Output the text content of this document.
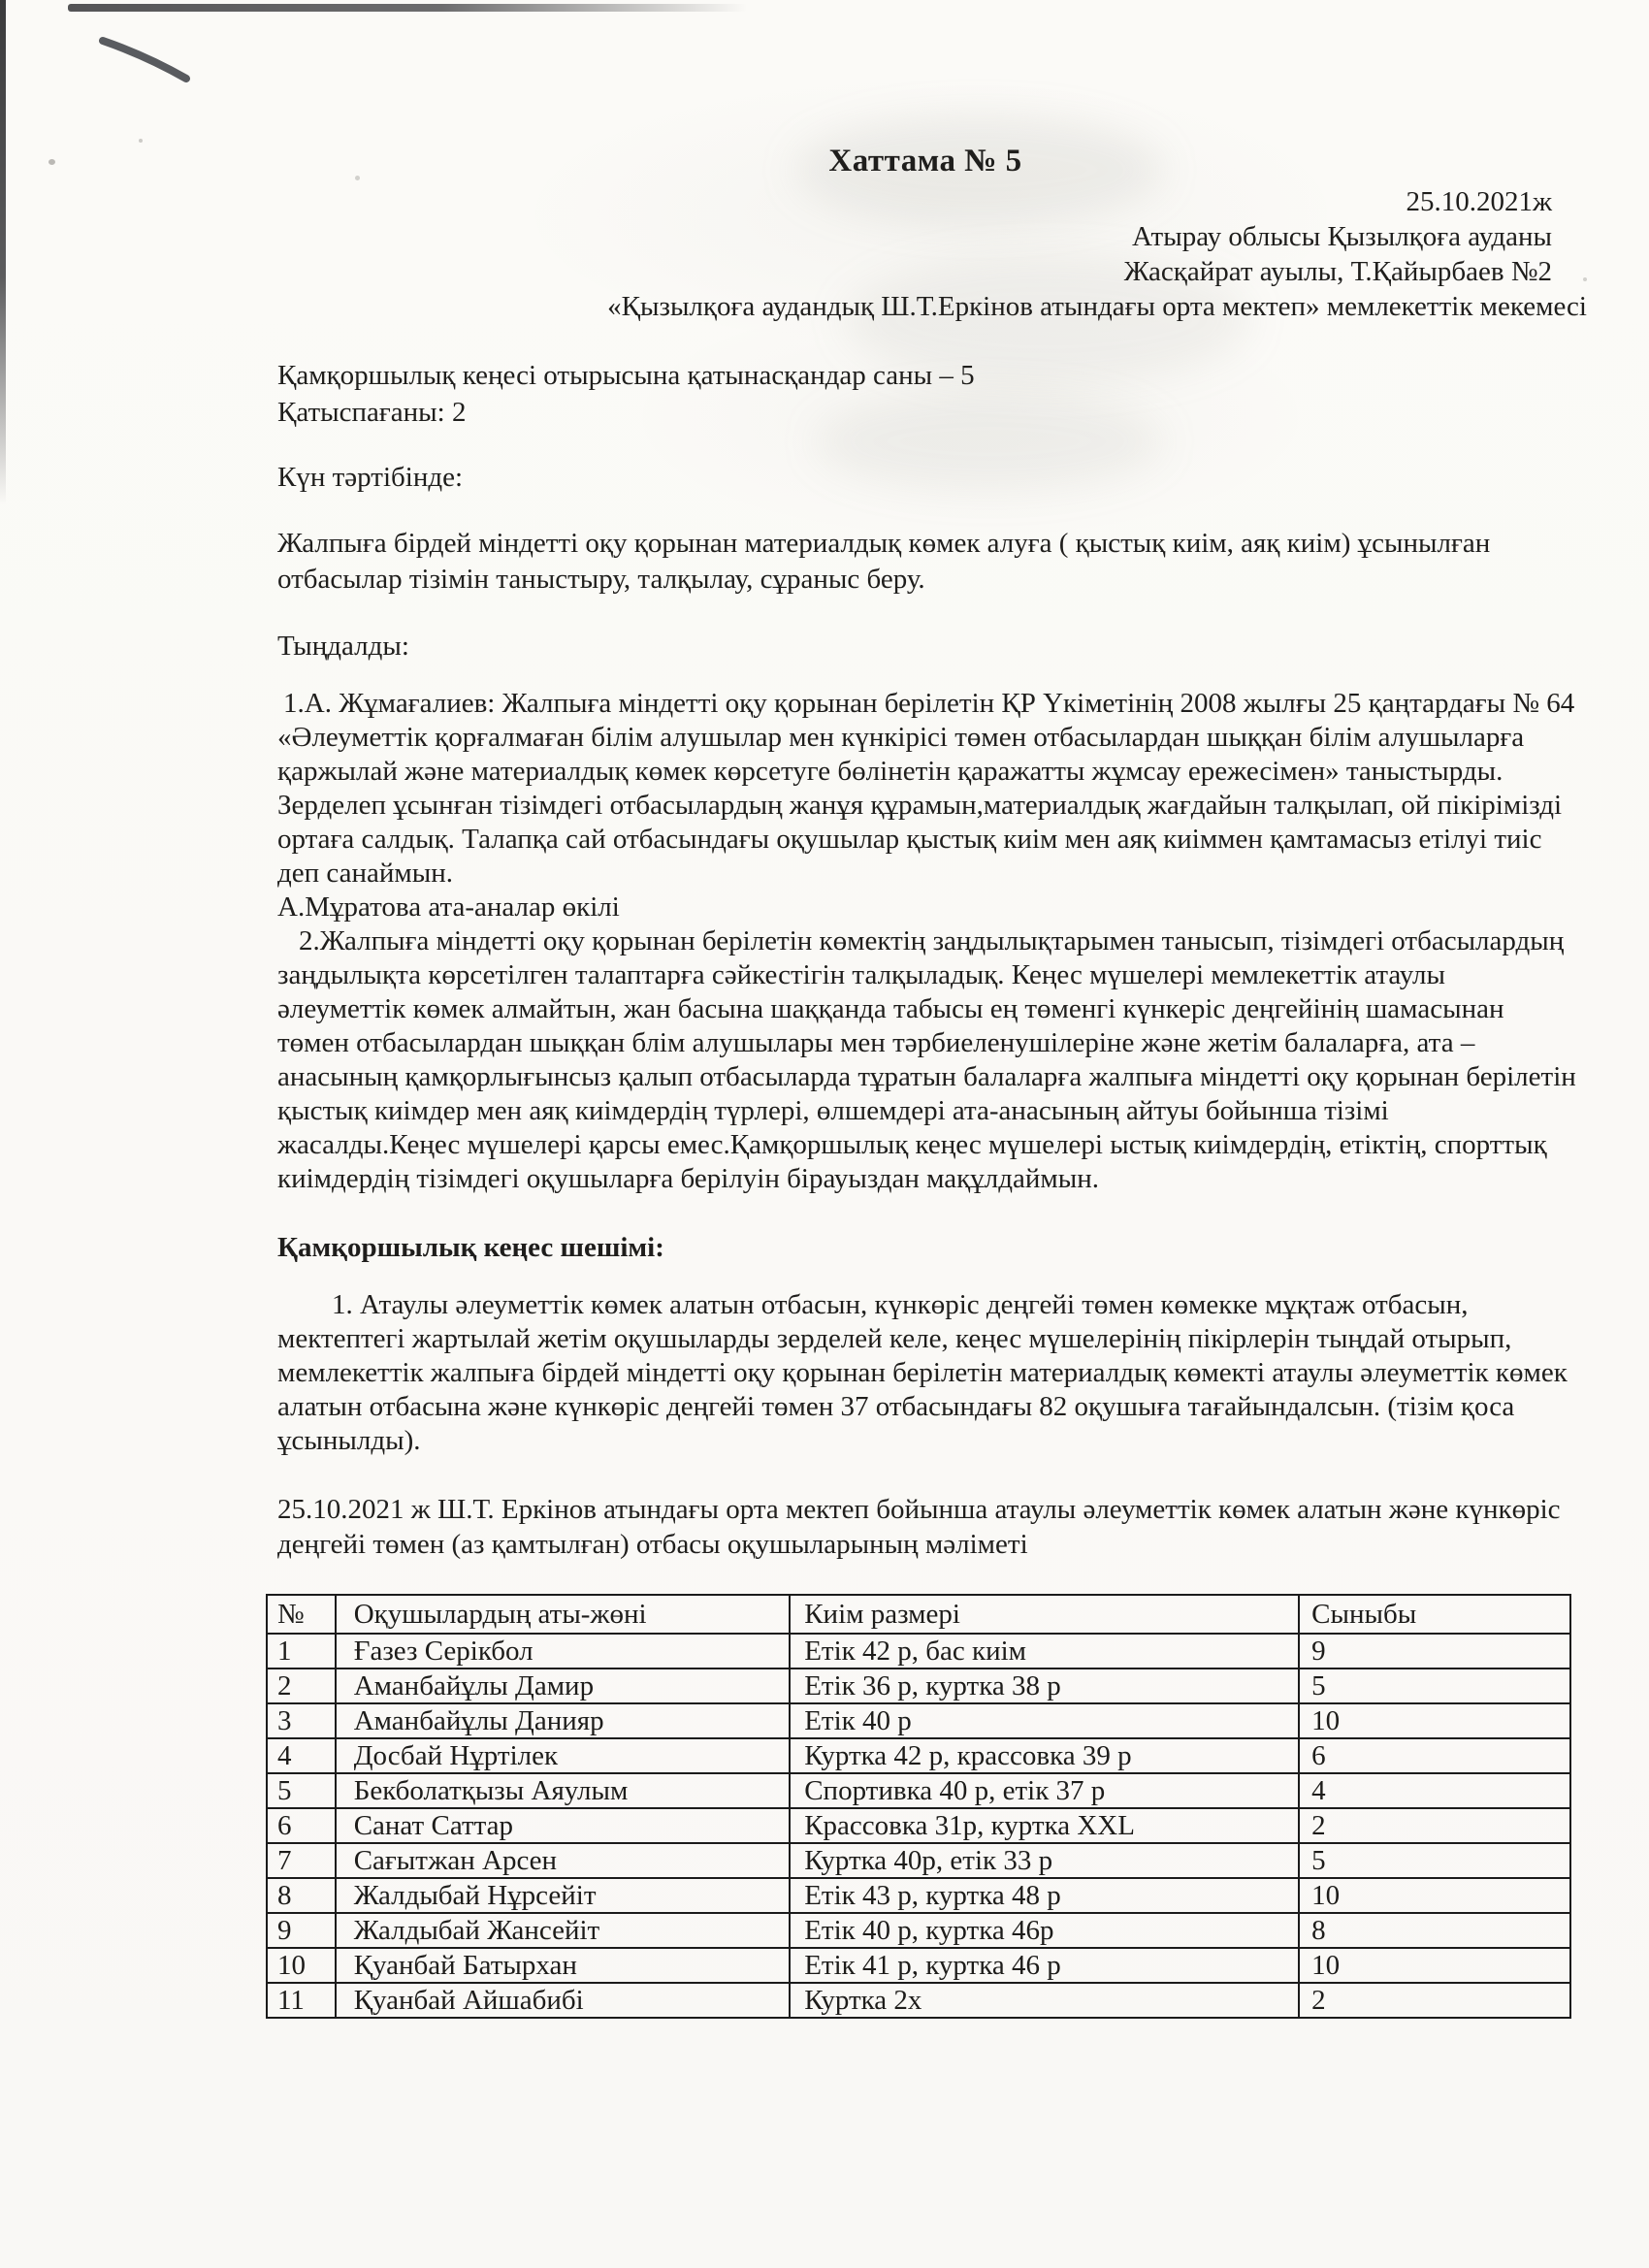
Хаттама № 5
25.10.2021ж
Атырау облысы Қызылқоға ауданы
Жасқайрат ауылы, Т.Қайырбаев №2
«Қызылқоға аудандық Ш.Т.Еркінов атындағы орта мектеп» мемлекеттік мекемесі
Қамқоршылық кеңесі отырысына қатынасқандар саны – 5
Қатыспағаны: 2
Күн тәртібінде:
Жалпыға бірдей міндетті оқу қорынан материалдық көмек алуға ( қыстық киім, аяқ киім) ұсынылған отбасылар тізімін таныстыру, талқылау, сұраныс беру.
Тыңдалды:

1.А. Жұмағалиев: Жалпыға міндетті оқу қорынан берілетін ҚР Үкіметінің 2008 жылғы 25 қаңтардағы № 64 «Әлеуметтік қорғалмаған білім алушылар мен күнкірісі төмен отбасылардан шыққан білім алушыларға қаржылай және материалдық көмек көрсетуге бөлінетін қаражатты жұмсау ережесімен» таныстырды. Зерделеп ұсынған тізімдегі отбасылардың жанұя құрамын,материалдық жағдайын талқылап, ой пікірімізді ортаға салдық. Талапқа сай отбасындағы оқушылар қыстық киім мен аяқ киіммен қамтамасыз етілуі тиіс деп санаймын.

А.Мұратова ата-аналар өкілі

2.Жалпыға міндетті оқу қорынан берілетін көмектің заңдылықтарымен танысып, тізімдегі отбасылардың заңдылықта көрсетілген талаптарға сәйкестігін талқыладық. Кеңес мүшелері мемлекеттік атаулы әлеуметтік көмек алмайтын, жан басына шаққанда табысы ең төменгі күнкеріс деңгейінің шамасынан төмен отбасылардан шыққан блім алушылары мен тәрбиеленушілеріне және жетім балаларға, ата – анасының қамқорлығынсыз қалып отбасыларда тұратын балаларға жалпыға міндетті оқу қорынан берілетін қыстық киімдер мен аяқ киімдердің түрлері, өлшемдері ата-анасының айтуы бойынша тізімі жасалды.Кеңес мүшелері қарсы емес.Қамқоршылық кеңес мүшелері ыстық киімдердің, етіктің, спорттық киімдердің тізімдегі оқушыларға берілуін бірауыздан мақұлдаймын.

Қамқоршылық кеңес шешімі:
1. Атаулы әлеуметтік көмек алатын отбасын, күнкөріс деңгейі төмен көмекке мұқтаж отбасын, мектептегі жартылай жетім оқушыларды зерделей келе, кеңес мүшелерінің пікірлерін тыңдай отырып, мемлекеттік жалпыға бірдей міндетті оқу қорынан берілетін материалдық көмекті атаулы әлеуметтік көмек алатын отбасына және күнкөріс деңгейі төмен 37 отбасындағы 82 оқушыға тағайындалсын. (тізім қоса ұсынылды).
25.10.2021 ж Ш.Т. Еркінов атындағы орта мектеп бойынша атаулы әлеуметтік көмек алатын және күнкөріс деңгейі төмен (аз қамтылған) отбасы оқушыларының мәліметі
№	Оқушылардың аты-жөні	Киім размері	Сыныбы
1	Ғазез Серікбол	Етік 42 р, бас киім	9
2	Аманбайұлы Дамир	Етік 36 р, куртка 38 р	5
3	Аманбайұлы Данияр	Етік 40 р	10
4	Досбай Нұртілек	Куртка 42 р, крассовка 39 р	6
5	Бекболатқызы Аяулым	Спортивка 40 р, етік 37 р	4
6	Санат Саттар	Крассовка 31р, куртка XXL	2
7	Сағытжан Арсен	Куртка 40р, етік 33 р	5
8	Жалдыбай Нұрсейіт	Етік 43 р, куртка 48 р	10
9	Жалдыбай Жансейіт	Етік 40 р, куртка 46р	8
10	Қуанбай Батырхан	Етік 41 р, куртка 46 р	10
11	Қуанбай Айшабибі	Куртка 2х	2
